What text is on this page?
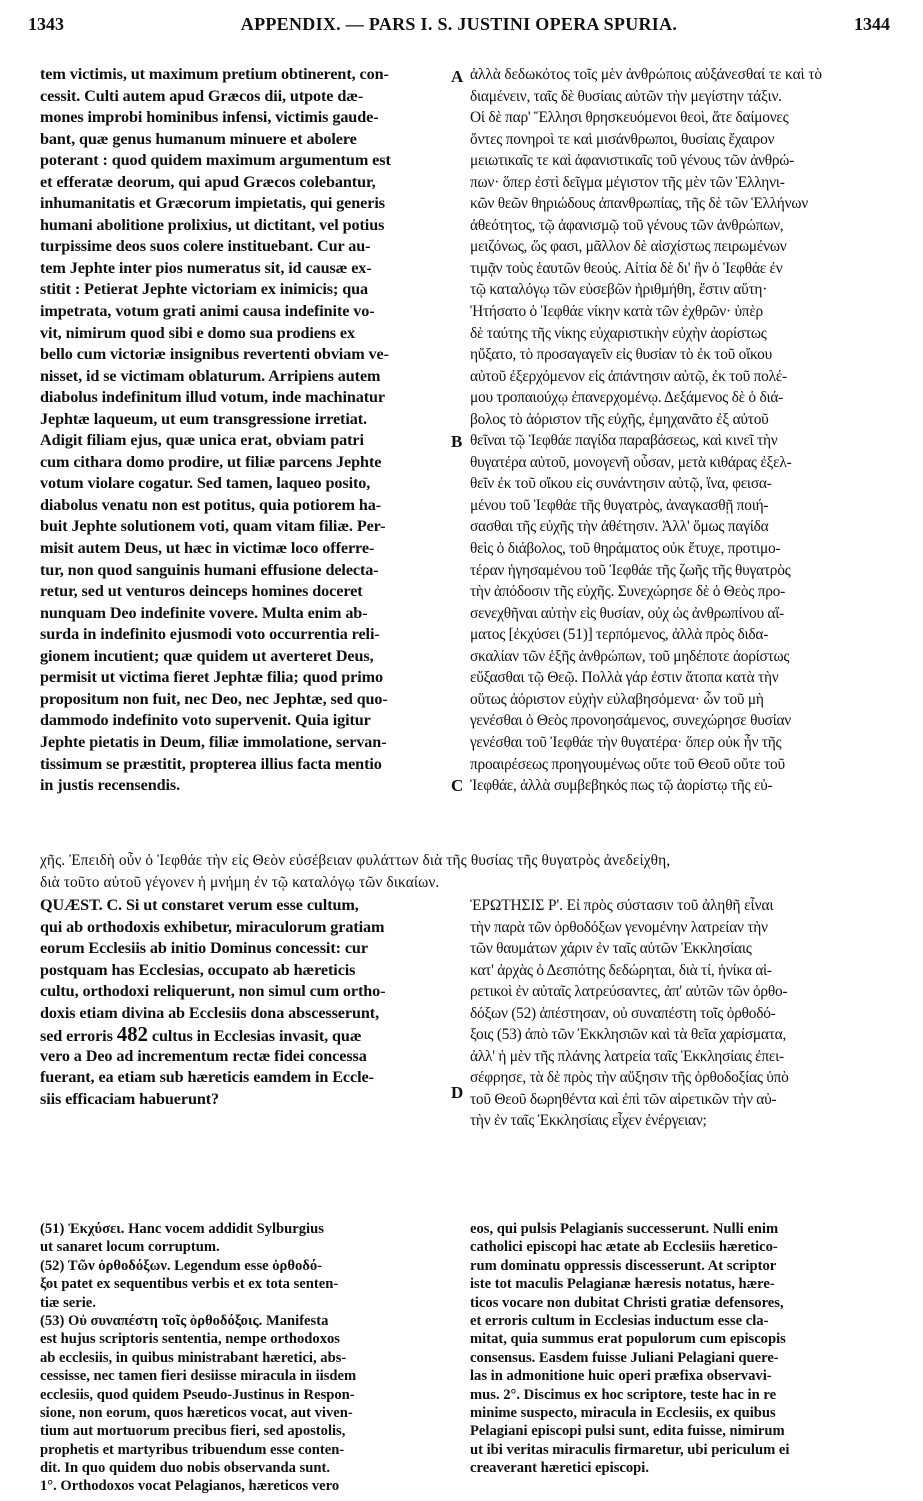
1343	APPENDIX. — PARS I. S. JUSTINI OPERA SPURIA.	1344
tem victimis, ut maximum pretium obtinerent, con-
cessit. Culti autem apud Græcos dii, utpote dæ-
mones improbi hominibus infensi, victimis gaude-
bant, quæ genus humanum minuere et abolere
poterant : quod quidem maximum argumentum est
et efferatæ deorum, qui apud Græcos colebantur,
inhumanitatis et Græcorum impietatis, qui generis
humani abolitione prolixius, ut dictitant, vel potius
turpissime deos suos colere instituebant. Cur au-
tem Jephte inter pios numeratus sit, id causæ ex-
stitit : Petierat Jephte victoriam ex inimicis; qua
impetrata, votum grati animi causa indefinite vo-
vit, nimirum quod sibi e domo sua prodiens ex
bello cum victoriæ insignibus revertenti obviam ve-
nisset, id se victimam oblaturum. Arripiens autem
diabolus indefinitum illud votum, inde machinatur
Jephtæ laqueum, ut eum transgressione irretiat.
Adigit filiam ejus, quæ unica erat, obviam patri
cum cithara domo prodire, ut filiæ parcens Jephte
votum violare cogatur. Sed tamen, laqueo posito,
diabolus venatu non est potitus, quia potiorem ha-
buit Jephte solutionem voti, quam vitam filiæ. Per-
misit autem Deus, ut hæc in victimæ loco offerre-
tur, non quod sanguinis humani effusione delecta-
retur, sed ut venturos deinceps homines doceret
nunquam Deo indefinite vovere. Multa enim ab-
surda in indefinito ejusmodi voto occurrentia reli-
gionem incutient; quæ quidem ut averteret Deus,
permisit ut victima fieret Jephtæ filia; quod primo
propositum non fuit, nec Deo, nec Jephtæ, sed quo-
dammodo indefinito voto supervenit. Quia igitur
Jephte pietatis in Deum, filiæ immolatione, servan-
tissimum se præstitit, propterea illius facta mentio
in justis recensendis.
ἀλλὰ δεδωκότος τοῖς μὲν ἀνθρώποις αὐξάνεσθαί τε καὶ τὸ
διαμένειν, ταῖς δὲ θυσίαις αὐτῶν τὴν μεγίστην τάξιν.
Οἱ δὲ παρ' Ἕλλησι θρησκευόμενοι θεοὶ, ἅτε δαίμονες
ὄντες πονηροὶ τε καὶ μισάνθρωποι, θυσίαις ἔχαιρον
μειωτικαῖς τε καὶ ἀφανιστικαῖς τοῦ γένους τῶν ἀνθρώ-
πων· ὅπερ ἐστὶ δεῖγμα μέγιστον τῆς μὲν τῶν Ἑλληνι-
κῶν θεῶν θηριώδους ἀπανθρωπίας, τῆς δὲ τῶν Ἑλλήνων
ἀθεότητος, τῷ ἀφανισμῷ τοῦ γένους τῶν ἀνθρώπων,
μειζόνως, ὥς φασι, μᾶλλον δὲ αἰσχίστως πειρωμένων
τιμᾷν τοὺς ἑαυτῶν θεούς. Αἰτία δὲ δι' ἣν ὁ Ἰεφθάε ἐν
τῷ καταλόγῳ τῶν εὐσεβῶν ἠριθμήθη, ἔστιν αὕτη·
Ἠτήσατο ὁ Ἰεφθάε νίκην κατὰ τῶν ἐχθρῶν· ὑπὲρ
δὲ ταύτης τῆς νίκης εὐχαριστικὴν εὐχὴν ἀορίστως
ηὔξατο, τὸ προσαγαγεῖν εἰς θυσίαν τὸ ἐκ τοῦ οἴκου
αὐτοῦ ἐξερχόμενον εἰς ἀπάντησιν αὐτῷ, ἐκ τοῦ πολέ-
μου τροπαιούχῳ ἐπανερχομένῳ. Δεξάμενος δὲ ὁ διά-
βολος τὸ ἀόριστον τῆς εὐχῆς, ἐμηχανᾶτο ἐξ αὐτοῦ
θεῖναι τῷ Ἰεφθάε παγίδα παραβάσεως, καὶ κινεῖ τὴν
θυγατέρα αὐτοῦ, μονογενῆ οὖσαν, μετὰ κιθάρας ἐξελ-
θεῖν ἐκ τοῦ οἴκου εἰς συνάντησιν αὐτῷ, ἵνα, φεισα-
μένου τοῦ Ἰεφθάε τῆς θυγατρὸς, ἀναγκασθῇ ποιή-
σασθαι τῆς εὐχῆς τὴν ἀθέτησιν. Ἀλλ' ὅμως παγίδα
θεὶς ὁ διάβολος, τοῦ θηράματος οὐκ ἔτυχε, προτιμο-
τέραν ἡγησαμένου τοῦ Ἰεφθάε τῆς ζωῆς τῆς θυγατρὸς
τὴν ἀπόδοσιν τῆς εὐχῆς. Συνεχώρησε δὲ ὁ Θεὸς προ-
σενεχθῆναι αὐτὴν εἰς θυσίαν, οὐχ ὡς ἀνθρωπίνου αἵ-
ματος [ἐκχύσει (51)] τερπόμενος, ἀλλὰ πρὸς διδα-
σκαλίαν τῶν ἑξῆς ἀνθρώπων, τοῦ μηδέποτε ἀορίστως
εὔξασθαι τῷ Θεῷ. Πολλὰ γάρ ἐστιν ἄτοπα κατὰ τὴν
οὕτως ἀόριστον εὐχὴν εὐλαβησόμενα· ὧν τοῦ μὴ
γενέσθαι ὁ Θεὸς προνοησάμενος, συνεχώρησε θυσίαν
γενέσθαι τοῦ Ἰεφθάε τὴν θυγατέρα· ὅπερ οὐκ ἦν τῆς
προαιρέσεως προηγουμένως οὔτε τοῦ Θεοῦ οὔτε τοῦ
Ἰεφθάε, ἀλλὰ συμβεβηκός πως τῷ ἀορίστῳ τῆς εὐ-
A
B
C
D
χῆς. Ἐπειδὴ οὖν ὁ Ἰεφθάε τὴν εἰς Θεὸν εὐσέβειαν φυλάττων διὰ τῆς θυσίας τῆς θυγατρὸς ἀνεδείχθη,
διὰ τοῦτο αὐτοῦ γέγονεν ἡ μνήμη ἐν τῷ καταλόγῳ τῶν δικαίων.
QUÆST. C. Si ut constaret verum esse cultum,
qui ab orthodoxis exhibetur, miraculorum gratiam
eorum Ecclesiis ab initio Dominus concessit: cur
postquam has Ecclesias, occupato ab hæreticis
cultu, orthodoxi reliquerunt, non simul cum ortho-
doxis etiam divina ab Ecclesiis dona abscesserunt,
sed erroris 482 cultus in Ecclesias invasit, quæ
vero a Deo ad incrementum rectæ fidei concessa
fuerant, ea etiam sub hæreticis eamdem in Eccle-
siis efficaciam habuerunt?
ἘΡΩΤΗΣΙΣ Ρ'. Εἰ πρὸς σύστασιν τοῦ ἀληθῆ εἶναι
τὴν παρὰ τῶν ὀρθοδόξων γενομένην λατρείαν τὴν
τῶν θαυμάτων χάριν ἐν ταῖς αὐτῶν Ἐκκλησίαις
κατ' ἀρχὰς ὁ Δεσπότης δεδώρηται, διὰ τί, ἡνίκα αἱ-
ρετικοὶ ἐν αὐταῖς λατρεύσαντες, ἀπ' αὐτῶν τῶν ὀρθο-
δόξων (52) ἀπέστησαν, οὐ συναπέστη τοῖς ὀρθοδό-
ξοις (53) ἀπὸ τῶν Ἐκκλησιῶν καὶ τὰ θεῖα χαρίσματα,
ἀλλ' ἡ μὲν τῆς πλάνης λατρεία ταῖς Ἐκκλησίαις ἐπει-
σέφρησε, τὰ δὲ πρὸς τὴν αὔξησιν τῆς ὀρθοδοξίας ὑπὸ
τοῦ Θεοῦ δωρηθέντα καὶ ἐπὶ τῶν αἱρετικῶν τὴν αὐ-
τὴν ἐν ταῖς Ἐκκλησίαις εἶχεν ἐνέργειαν;
(51) Ἐκχύσει. Hanc vocem addidit Sylburgius
ut sanaret locum corruptum.
(52) Τῶν ὀρθοδόξων. Legendum esse ὀρθοδό-
ξοι patet ex sequentibus verbis et ex tota senten-
tiæ serie.
(53) Οὐ συναπέστη τοῖς ὀρθοδόξοις. Manifesta
est hujus scriptoris sententia, nempe orthodoxos
ab ecclesiis, in quibus ministrabant hæretici, abs-
cessisse, nec tamen fieri desiisse miracula in iisdem
ecclesiis, quod quidem Pseudo-Justinus in Respon-
sione, non eorum, quos hæreticos vocat, aut viven-
tium aut mortuorum precibus fieri, sed apostolis,
prophetis et martyribus tribuendum esse conten-
dit. In quo quidem duo nobis observanda sunt.
1°. Orthodoxos vocat Pelagianos, hæreticos vero
eos, qui pulsis Pelagianis successerunt. Nulli enim
catholici episcopi hac ætate ab Ecclesiis hæretico-
rum dominatu oppressis discesserunt. At scriptor
iste tot maculis Pelagianæ hæresis notatus, hære-
ticos vocare non dubitat Christi gratiæ defensores,
et erroris cultum in Ecclesias inductum esse cla-
mitat, quia summus erat populorum cum episcopis
consensus. Easdem fuisse Juliani Pelagiani quere-
las in admonitione huic operi præfixa observavi-
mus. 2°. Discimus ex hoc scriptore, teste hac in re
minime suspecto, miracula in Ecclesiis, ex quibus
Pelagiani episcopi pulsi sunt, edita fuisse, nimirum
ut ibi veritas miraculis firmaretur, ubi periculum ei
creaverant hæretici episcopi.
